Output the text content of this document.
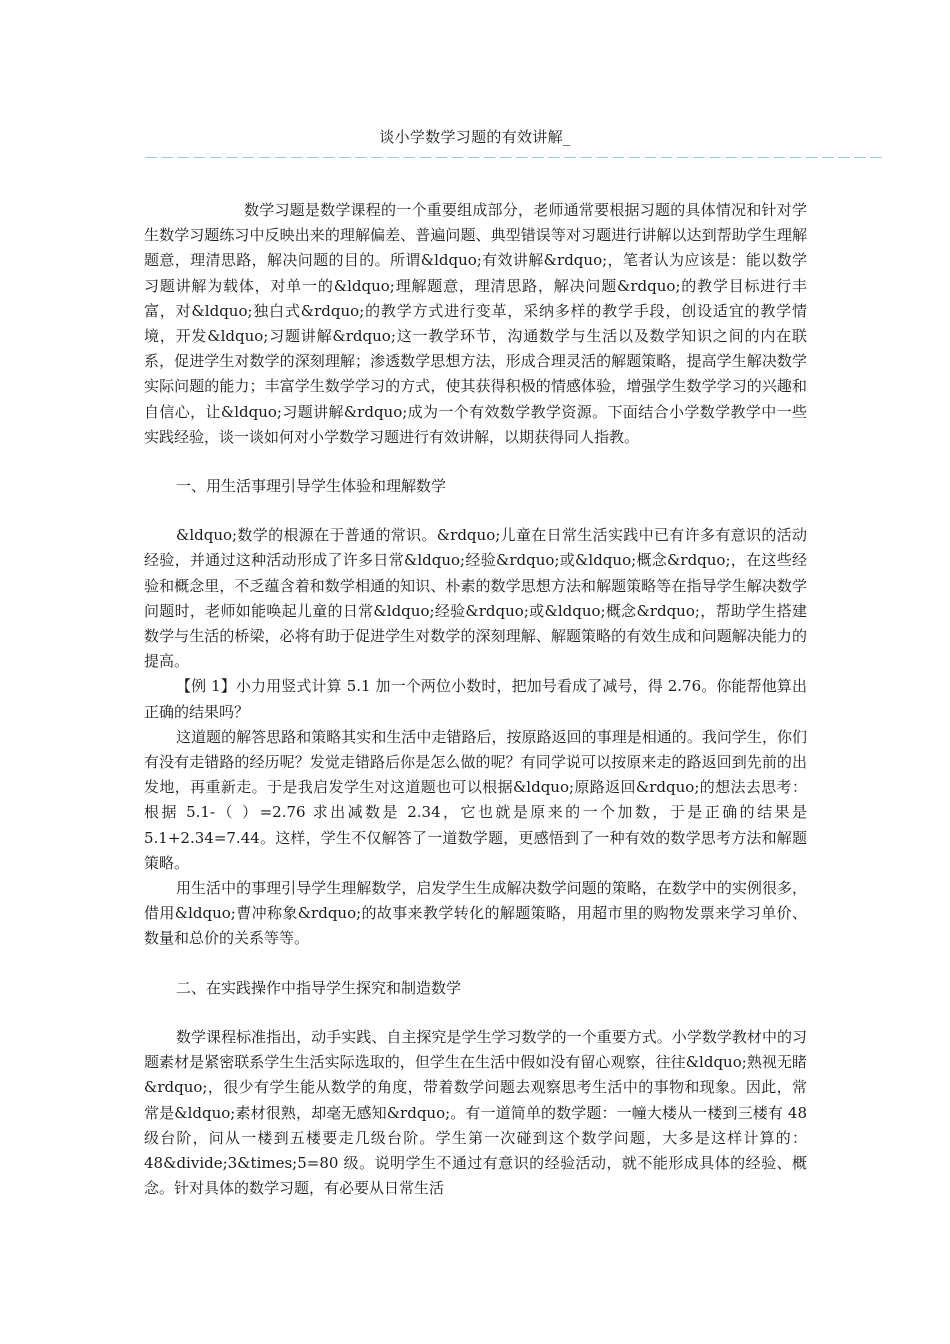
谈小学数学习题的有效讲解_
－－－－－－－－－－－－－－－－－－－－－－－－－－－－－－－－－－－－－－－－－－－－－－

数学习题是数学课程的一个重要组成部分，老师通常要根据习题的具体情况和针对学生数学习题练习中反映出来的理解偏差、普遍问题、典型错误等对习题进行讲解以达到帮助学生理解题意，理清思路，解决问题的目的。所谓&ldquo;有效讲解&rdquo;，笔者认为应该是：能以数学习题讲解为载体，对单一的&ldquo;理解题意，理清思路，解决问题&rdquo;的教学目标进行丰富，对&ldquo;独白式&rdquo;的教学方式进行变革，采纳多样的教学手段，创设适宜的教学情境，开发&ldquo;习题讲解&rdquo;这一教学环节，沟通数学与生活以及数学知识之间的内在联系，促进学生对数学的深刻理解；渗透数学思想方法，形成合理灵活的解题策略，提高学生解决数学实际问题的能力；丰富学生数学学习的方式，使其获得积极的情感体验，增强学生数学学习的兴趣和自信心，让&ldquo;习题讲解&rdquo;成为一个有效数学教学资源。下面结合小学数学教学中一些实践经验，谈一谈如何对小学数学习题进行有效讲解，以期获得同人指教。

一、用生活事理引导学生体验和理解数学

&ldquo;数学的根源在于普通的常识。&rdquo;儿童在日常生活实践中已有许多有意识的活动经验，并通过这种活动形成了许多日常&ldquo;经验&rdquo;或&ldquo;概念&rdquo;，在这些经验和概念里，不乏蕴含着和数学相通的知识、朴素的数学思想方法和解题策略等在指导学生解决数学问题时，老师如能唤起儿童的日常&ldquo;经验&rdquo;或&ldquo;概念&rdquo;，帮助学生搭建数学与生活的桥梁，必将有助于促进学生对数学的深刻理解、解题策略的有效生成和问题解决能力的提高。

【例 1】小力用竖式计算 5.1 加一个两位小数时，把加号看成了减号，得 2.76。你能帮他算出正确的结果吗？

这道题的解答思路和策略其实和生活中走错路后，按原路返回的事理是相通的。我问学生，你们有没有走错路的经历呢？发觉走错路后你是怎么做的呢？有同学说可以按原来走的路返回到先前的出发地，再重新走。于是我启发学生对这道题也可以根据&ldquo;原路返回&rdquo;的想法去思考：根据 5.1-（ ）=2.76 求出减数是 2.34，它也就是原来的一个加数，于是正确的结果是 5.1+2.34=7.44。这样，学生不仅解答了一道数学题，更感悟到了一种有效的数学思考方法和解题策略。

用生活中的事理引导学生理解数学，启发学生生成解决数学问题的策略，在数学中的实例很多，借用&ldquo;曹冲称象&rdquo;的故事来教学转化的解题策略，用超市里的购物发票来学习单价、数量和总价的关系等等。

二、在实践操作中指导学生探究和制造数学

数学课程标准指出，动手实践、自主探究是学生学习数学的一个重要方式。小学数学教材中的习题素材是紧密联系学生生活实际选取的，但学生在生活中假如没有留心观察，往往&ldquo;熟视无睹&rdquo;，很少有学生能从数学的角度，带着数学问题去观察思考生活中的事物和现象。因此，常常是&ldquo;素材很熟，却毫无感知&rdquo;。有一道简单的数学题：一幢大楼从一楼到三楼有 48 级台阶，问从一楼到五楼要走几级台阶。学生第一次碰到这个数学问题，大多是这样计算的：48&divide;3&times;5=80 级。说明学生不通过有意识的经验活动，就不能形成具体的经验、概念。针对具体的数学习题，有必要从日常生活
